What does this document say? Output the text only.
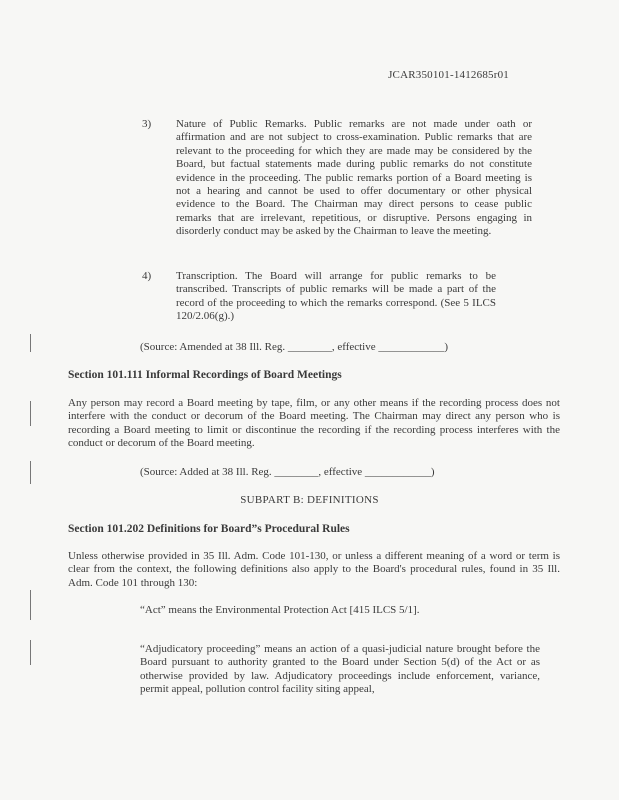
JCAR350101-1412685r01
3) Nature of Public Remarks. Public remarks are not made under oath or affirmation and are not subject to cross-examination. Public remarks that are relevant to the proceeding for which they are made may be considered by the Board, but factual statements made during public remarks do not constitute evidence in the proceeding. The public remarks portion of a Board meeting is not a hearing and cannot be used to offer documentary or other physical evidence to the Board. The Chairman may direct persons to cease public remarks that are irrelevant, repetitious, or disruptive. Persons engaging in disorderly conduct may be asked by the Chairman to leave the meeting.
4) Transcription. The Board will arrange for public remarks to be transcribed. Transcripts of public remarks will be made a part of the record of the proceeding to which the remarks correspond. (See 5 ILCS 120/2.06(g).)
(Source: Amended at 38 Ill. Reg. ________, effective ____________)
Section 101.111 Informal Recordings of Board Meetings
Any person may record a Board meeting by tape, film, or any other means if the recording process does not interfere with the conduct or decorum of the Board meeting. The Chairman may direct any person who is recording a Board meeting to limit or discontinue the recording if the recording process interferes with the conduct or decorum of the Board meeting.
(Source: Added at 38 Ill. Reg. ________, effective ____________)
SUBPART B: DEFINITIONS
Section 101.202 Definitions for Board”s Procedural Rules
Unless otherwise provided in 35 Ill. Adm. Code 101-130, or unless a different meaning of a word or term is clear from the context, the following definitions also apply to the Board's procedural rules, found in 35 Ill. Adm. Code 101 through 130:
“Act” means the Environmental Protection Act [415 ILCS 5/1].
“Adjudicatory proceeding” means an action of a quasi-judicial nature brought before the Board pursuant to authority granted to the Board under Section 5(d) of the Act or as otherwise provided by law. Adjudicatory proceedings include enforcement, variance, permit appeal, pollution control facility siting appeal,
